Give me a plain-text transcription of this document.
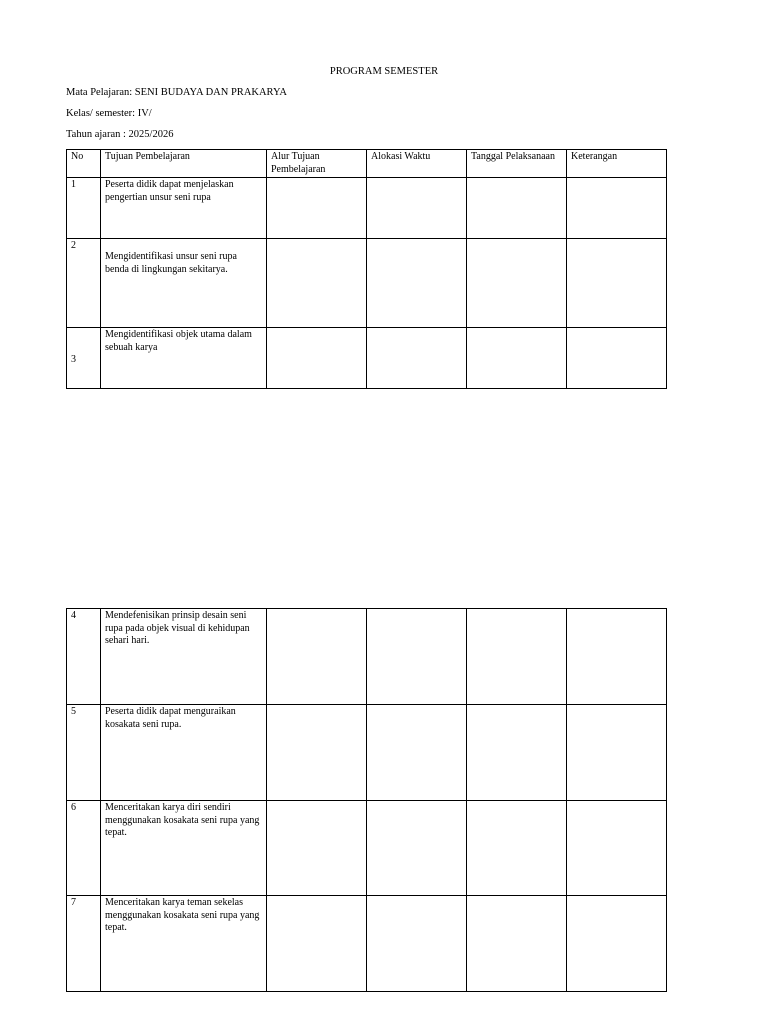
PROGRAM SEMESTER
Mata Pelajaran: SENI BUDAYA DAN PRAKARYA
Kelas/ semester: IV/
Tahun ajaran : 2025/2026
No	Tujuan Pembelajaran	Alur Tujuan Pembelajaran	Alokasi Waktu	Tanggal Pelaksanaan	Keterangan
1	Peserta didik dapat menjelaskan pengertian unsur seni rupa				
2	Mengidentifikasi unsur seni rupa benda di lingkungan sekitarya.				
3	Mengidentifikasi objek utama dalam sebuah karya				
4	Mendefenisikan prinsip desain seni rupa pada objek visual di kehidupan sehari hari.				
5	Peserta didik dapat menguraikan kosakata seni rupa.				
6	Menceritakan karya diri sendiri menggunakan kosakata seni rupa yang tepat.				
7	Menceritakan karya teman sekelas menggunakan kosakata seni rupa yang tepat.				
